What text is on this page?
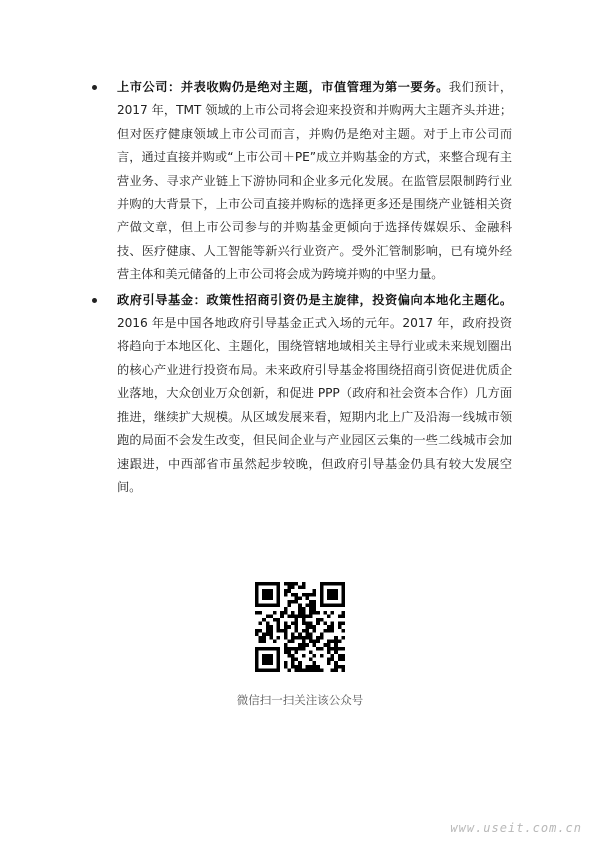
上市公司：并表收购仍是绝对主题，市值管理为第一要务。我们预计，2017 年，TMT 领域的上市公司将会迎来投资和并购两大主题齐头并进；但对医疗健康领域上市公司而言，并购仍是绝对主题。对于上市公司而言，通过直接并购或“上市公司＋PE”成立并购基金的方式，来整合现有主营业务、寻求产业链上下游协同和企业多元化发展。在监管层限制跨行业并购的大背景下，上市公司直接并购标的选择更多还是围绕产业链相关资产做文章，但上市公司参与的并购基金更倾向于选择传媒娱乐、金融科技、医疗健康、人工智能等新兴行业资产。受外汇管制影响，已有境外经营主体和美元储备的上市公司将会成为跨境并购的中坚力量。
政府引导基金：政策性招商引资仍是主旋律，投资偏向本地化主题化。2016 年是中国各地政府引导基金正式入场的元年。2017 年，政府投资将趋向于本地区化、主题化，围绕管辖地域相关主导行业或未来规划圈出的核心产业进行投资布局。未来政府引导基金将围绕招商引资促进优质企业落地，大众创业万众创新，和促进 PPP（政府和社会资本合作）几方面推进，继续扩大规模。从区域发展来看，短期内北上广及沿海一线城市领跑的局面不会发生改变，但民间企业与产业园区云集的一些二线城市会加速跟进，中西部省市虽然起步较晚，但政府引导基金仍具有较大发展空间。
微信扫一扫关注该公众号
www.useit.com.cn
